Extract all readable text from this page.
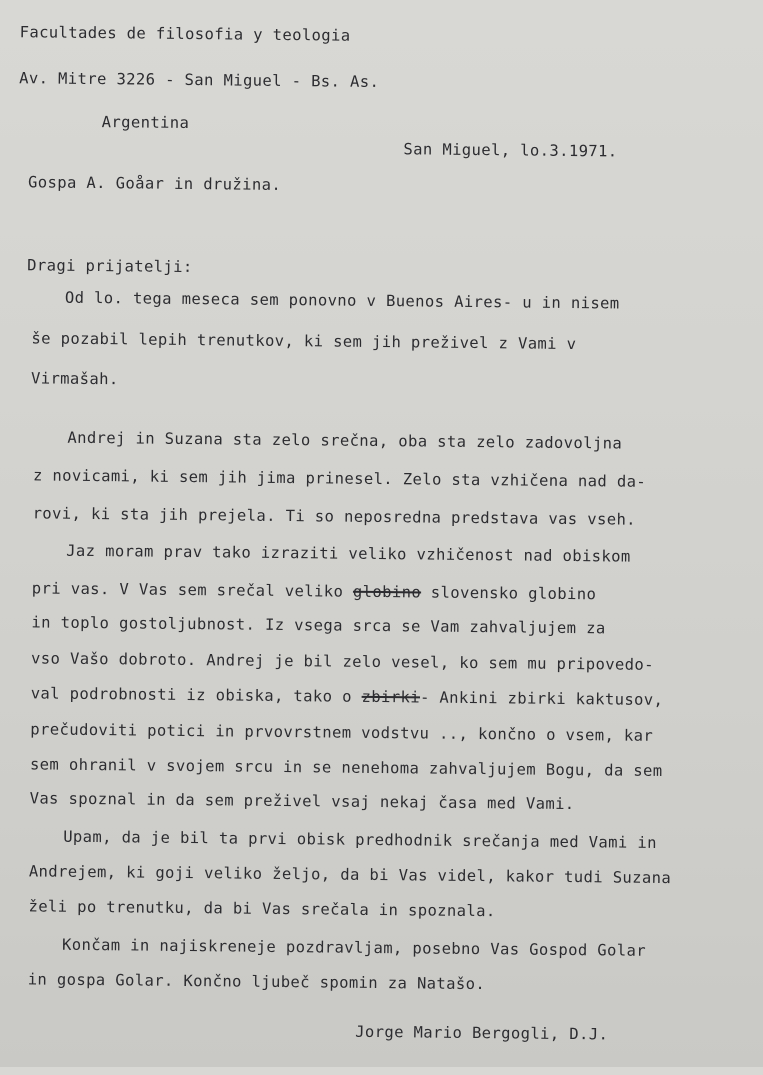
Facultades de filosofia y teologia
Av. Mitre 3226 - San Miguel - Bs. As.
Argentina
San Miguel, lo.3.1971.
Gospa A. Goåar in družina.
Dragi prijatelji:
Od lo. tega meseca sem ponovno v Buenos Aires- u in nisem
še pozabil lepih trenutkov, ki sem jih preživel z Vami v
Virmašah.
Andrej in Suzana sta zelo srečna, oba sta zelo zadovoljna
z novicami, ki sem jih jima prinesel. Zelo sta vzhičena nad da-
rovi, ki sta jih prejela. Ti so neposredna predstava vas vseh.
Jaz moram prav tako izraziti veliko vzhičenost nad obiskom
pri vas. V Vas sem srečal veliko globino slovensko globino
in toplo gostoljubnost. Iz vsega srca se Vam zahvaljujem za
vso Vašo dobroto. Andrej je bil zelo vesel, ko sem mu pripovedo-
val podrobnosti iz obiska, tako o zbirki- Ankini zbirki kaktusov,
prečudoviti potici in prvovrstnem vodstvu .., končno o vsem, kar
sem ohranil v svojem srcu in se nenehoma zahvaljujem Bogu, da sem
Vas spoznal in da sem preživel vsaj nekaj časa med Vami.
Upam, da je bil ta prvi obisk predhodnik srečanja med Vami in
Andrejem, ki goji veliko željo, da bi Vas videl, kakor tudi Suzana
želi po trenutku, da bi Vas srečala in spoznala.
Končam in najiskreneje pozdravljam, posebno Vas Gospod Golar
in gospa Golar. Končno ljubeč spomin za Natašo.
Jorge Mario Bergogli, D.J.
